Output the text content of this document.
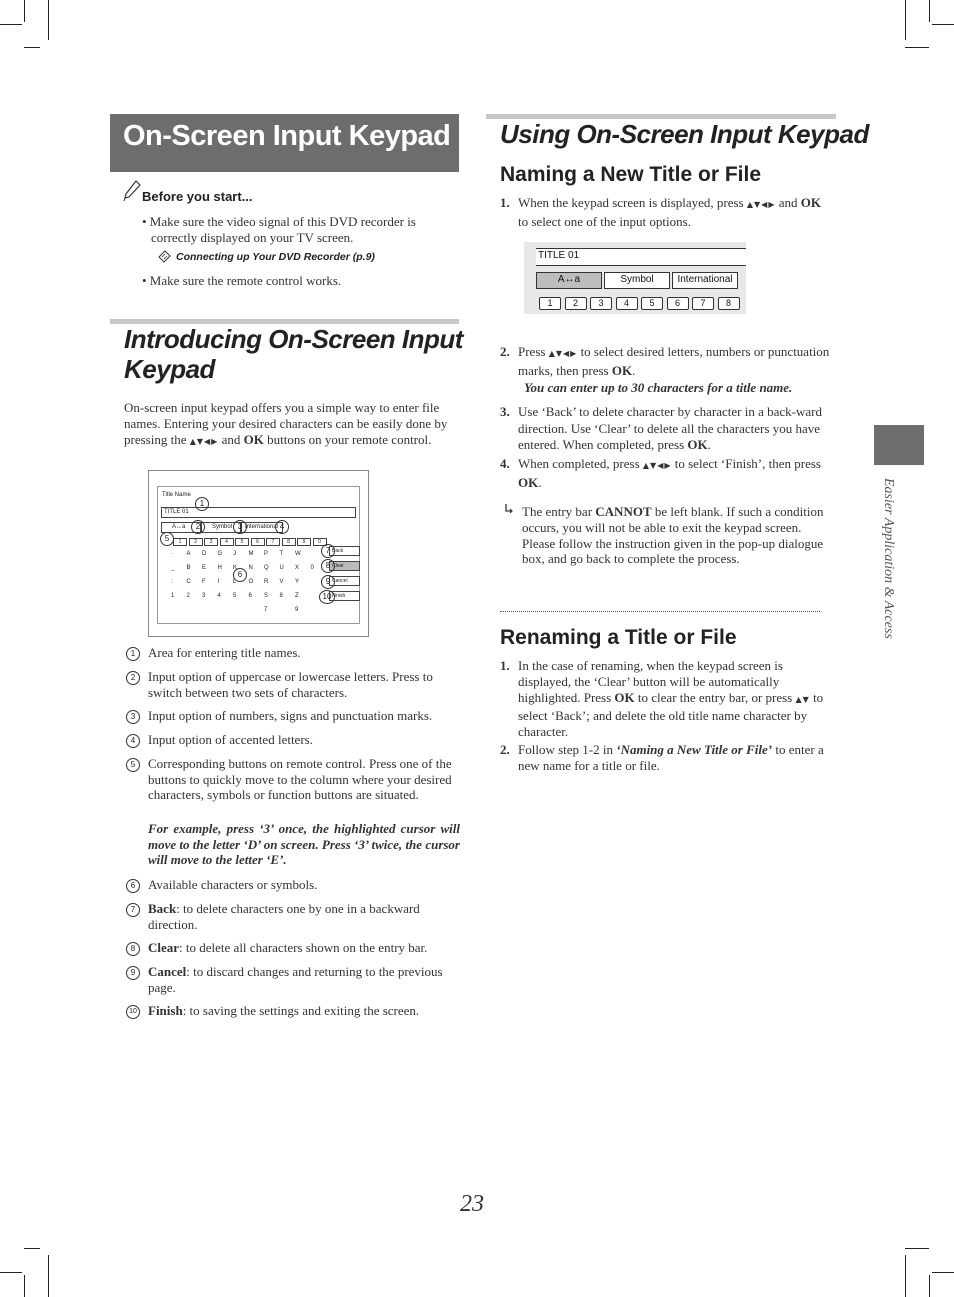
On-Screen Input Keypad
Before you start...

• Make sure the video signal of this DVD recorder is correctly displayed on your TV screen.

Connecting up Your DVD Recorder (p.9)

• Make sure the remote control works.

Introducing On-Screen Input
Keypad

On-screen input keypad offers you a simple way to enter file names. Entering your desired characters can be easily done by pressing the ▲▼◀▶ and OK buttons on your remote control.

Title Name
TITLE 01
A↔a	Symbol International
1	2	3	4	5	6	7	8	9	0
· A D G J M P T W
_ B E H K N Q U X 0
: C F I L O R V Y
1 2 3 4 5 6 S 8 Z
7	9
Back
Clear
Cancel
Finish
1
2	3	4
5
6
7
8
9
10
1 Area for entering title names.

2 Input option of uppercase or lowercase letters. Press to switch between two sets of characters.

3 Input option of numbers, signs and punctuation marks.

4 Input option of accented letters.

5 Corresponding buttons on remote control. Press one of the buttons to quickly move to the column where your desired characters, symbols or function buttons are situated.

6 Available characters or symbols.

7 Back: to delete characters one by one in a backward direction.

8 Clear: to delete all characters shown on the entry bar.

9 Cancel: to discard changes and returning to the previous page.

10 Finish: to saving the settings and exiting the screen.

For example, press ‘3’ once, the highlighted cursor will move to the letter ‘D’ on screen. Press ‘3’ twice, the cursor will move to the letter ‘E’.

Using On-Screen Input Keypad
Naming a New Title or File
1. When the keypad screen is displayed, press ▲▼◀▶ and OK to select one of the input options.

TITLE 01
A↔a	Symbol	International
1	2	3	4	5	6	7	8
2. Press ▲▼◀▶ to select desired letters, numbers or punctuation marks, then press OK.

You can enter up to 30 characters for a title name.
3. Use ‘Back’ to delete character by character in a back-ward direction. Use ‘Clear’ to delete all the characters you have entered. When completed, press OK.

4. When completed, press ▲▼◀▶ to select ‘Finish’, then press OK.

The entry bar CANNOT be left blank. If such a condition occurs, you will not be able to exit the keypad screen. Please follow the instruction given in the pop-up dialogue box, and go back to complete the process.

Renaming a Title or File
1. In the case of renaming, when the keypad screen is displayed, the ‘Clear’ button will be automatically highlighted. Press OK to clear the entry bar, or press ▲▼ to select ‘Back’; and delete the old title name character by character.

2. Follow step 1-2 in ‘Naming a New Title or File’ to enter a new name for a title or file.

Easier Application & Access
23
